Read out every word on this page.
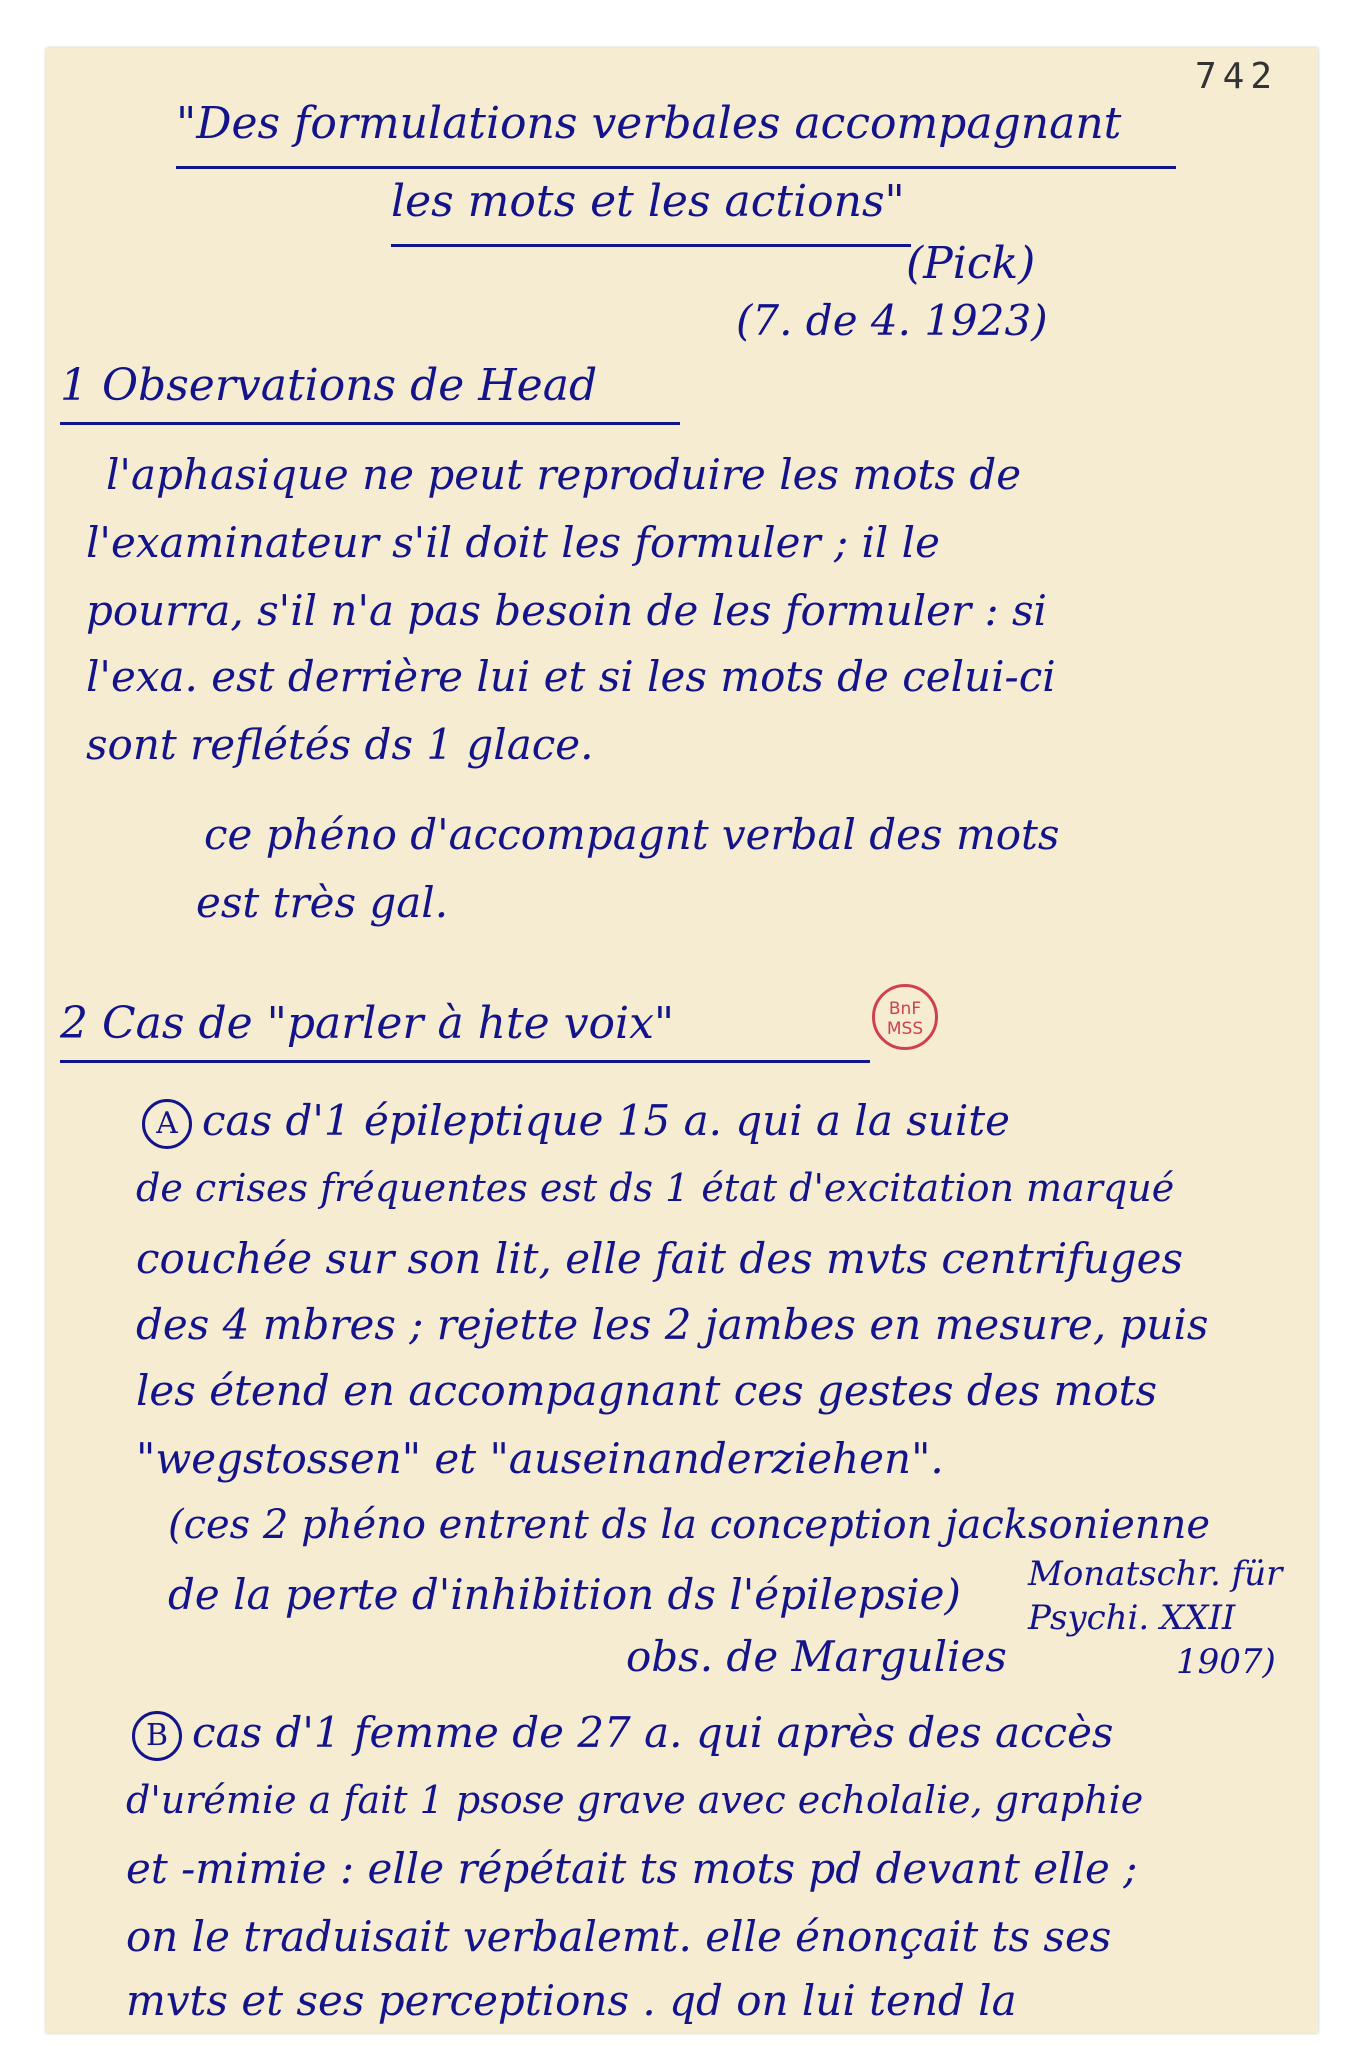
742
"Des formulations verbales accompagnant
les mots et les actions"
(Pick)
(7. de 4. 1923)
1 Observations de Head
l'aphasique ne peut reproduire les mots de
l'examinateur s'il doit les formuler ; il le
pourra, s'il n'a pas besoin de les formuler : si
l'exa. est derrière lui et si les mots de celui-ci
sont reflétés ds 1 glace.
ce phéno d'accompagnt verbal des mots
est très gal.
BnF
MSS
2 Cas de "parler à hte voix"
A cas d'1 épileptique 15 a. qui a la suite
de crises fréquentes est ds 1 état d'excitation marqué
couchée sur son lit, elle fait des mvts centrifuges
des 4 mbres ; rejette les 2 jambes en mesure, puis
les étend en accompagnant ces gestes des mots
"wegstossen" et "auseinanderziehen".
(ces 2 phéno entrent ds la conception jacksonienne
de la perte d'inhibition ds l'épilepsie)
obs. de Margulies
Monatschr. für
Psychi. XXII
1907)
B cas d'1 femme de 27 a. qui après des accès
d'urémie a fait 1 psose grave avec echolalie, graphie
et -mimie : elle répétait ts mots pd devant elle ;
on le traduisait verbalemt. elle énonçait ts ses
mvts et ses perceptions . qd on lui tend la
